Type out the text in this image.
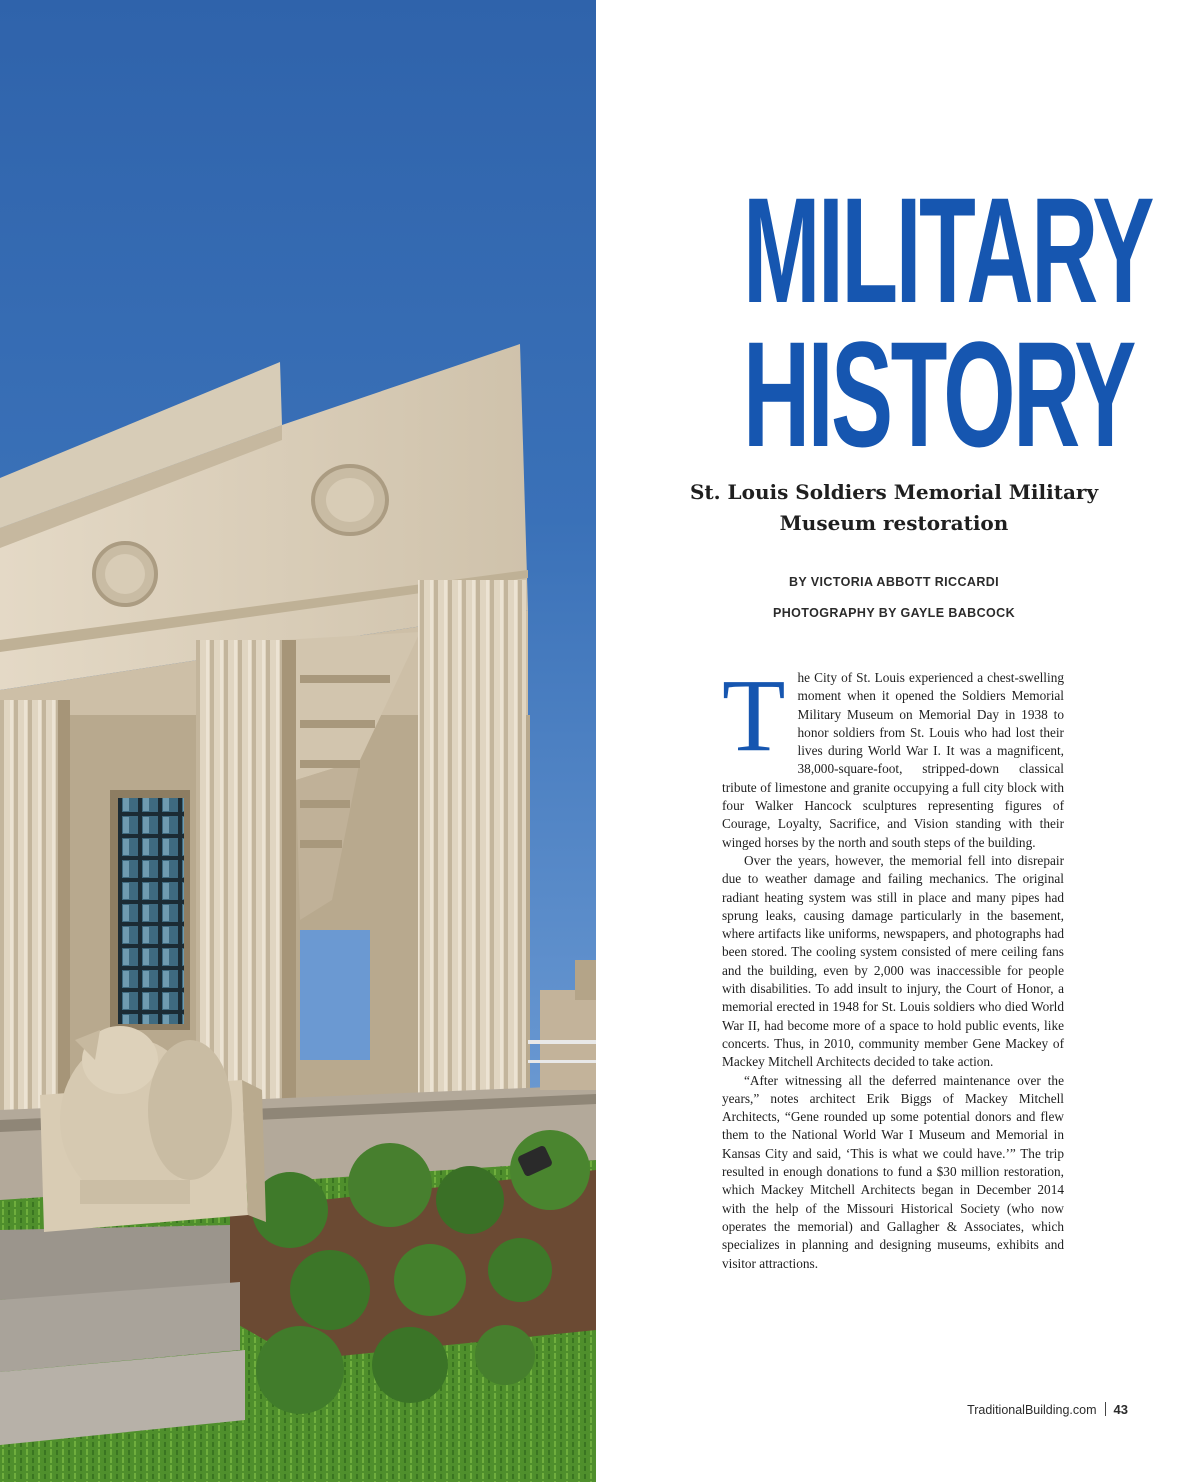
MILITARY
HISTORY
St. Louis Soldiers Memorial Military Museum restoration
BY VICTORIA ABBOTT RICCARDI
PHOTOGRAPHY BY GAYLE BABCOCK

The City of St. Louis experienced a chest-swelling moment when it opened the Soldiers Memorial Military Museum on Memorial Day in 1938 to honor soldiers from St. Louis who had lost their lives during World War I. It was a magnificent, 38,000-square-foot, stripped-down classical tribute of limestone and granite occupying a full city block with four Walker Hancock sculptures representing figures of Courage, Loyalty, Sacrifice, and Vision standing with their winged horses by the north and south steps of the building.

Over the years, however, the memorial fell into disrepair due to weather damage and failing mechanics. The original radiant heating system was still in place and many pipes had sprung leaks, causing damage particularly in the basement, where artifacts like uniforms, newspapers, and photographs had been stored. The cooling system consisted of mere ceiling fans and the building, even by 2,000 was inaccessible for people with disabilities. To add insult to injury, the Court of Honor, a memorial erected in 1948 for St. Louis soldiers who died World War II, had become more of a space to hold public events, like concerts. Thus, in 2010, community member Gene Mackey of Mackey Mitchell Architects decided to take action.

“After witnessing all the deferred maintenance over the years,” notes architect Erik Biggs of Mackey Mitchell Architects, “Gene rounded up some potential donors and flew them to the National World War I Museum and Memorial in Kansas City and said, ‘This is what we could have.’” The trip resulted in enough donations to fund a $30 million restoration, which Mackey Mitchell Architects began in December 2014 with the help of the Missouri Historical Society (who now operates the memorial) and Gallagher & Associates, which specializes in planning and designing museums, exhibits and visitor attractions.

TraditionalBuilding.com 43
